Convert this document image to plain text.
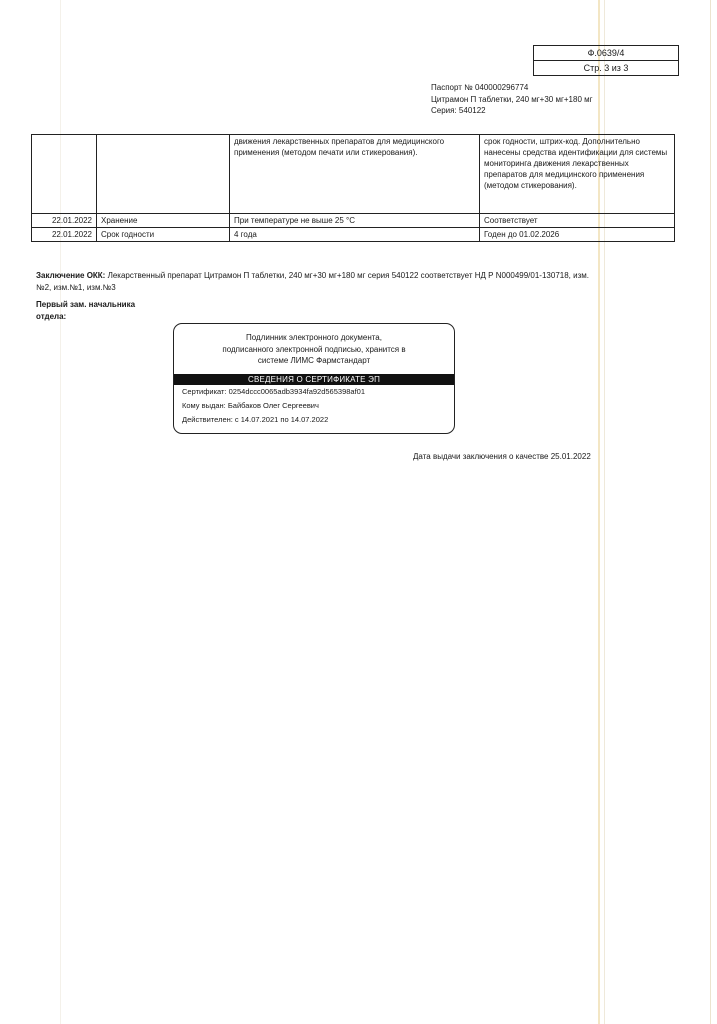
Ф.0639/4
Стр. 3 из 3
Паспорт № 040000296774
Цитрамон П таблетки, 240 мг+30 мг+180 мг
Серия: 540122
		движения лекарственных препаратов для медицинского применения (методом печати или стикерования).	срок годности, штрих-код. Дополнительно нанесены средства идентификации для системы мониторинга движения лекарственных препаратов для медицинского применения (методом стикерования).
22.01.2022	Хранение	При температуре не выше 25 °С	Соответствует
22.01.2022	Срок годности	4 года	Годен до 01.02.2026
Заключение ОКК: Лекарственный препарат Цитрамон П таблетки, 240 мг+30 мг+180 мг серия 540122 соответствует НД Р N000499/01-130718, изм.№2, изм.№1, изм.№3
Первый зам. начальника
отдела:
Подлинник электронного документа,
подписанного электронной подписью, хранится в
системе ЛИМС Фармстандарт
СВЕДЕНИЯ О СЕРТИФИКАТЕ ЭП
Сертификат: 0254dccc0065adb3934fa92d565398af01
Кому выдан: Байбаков Олег Сергеевич
Действителен: с 14.07.2021 по 14.07.2022
Дата выдачи заключения о качестве 25.01.2022
